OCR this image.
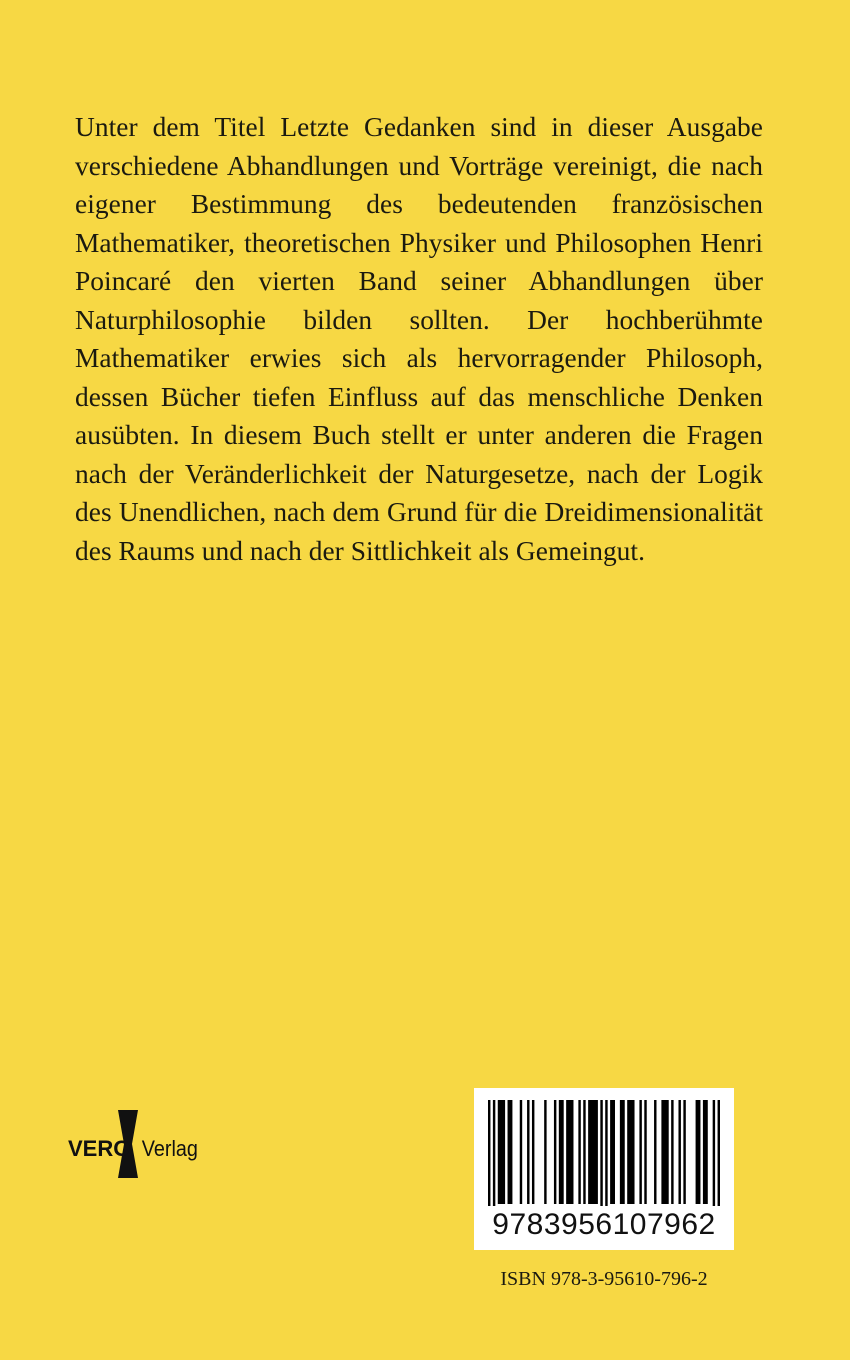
Unter dem Titel Letzte Gedanken sind in dieser Ausgabe verschiedene Abhandlungen und Vorträge vereinigt, die nach eigener Bestimmung des bedeutenden französischen Mathematiker, theoretischen Physiker und Philosophen Henri Poincaré den vierten Band seiner Abhandlungen über Naturphilosophie bilden sollten. Der hochberühmte Mathematiker erwies sich als hervorragender Philosoph, dessen Bücher tiefen Einfluss auf das menschliche Denken ausübten. In diesem Buch stellt er unter anderen die Fragen nach der Veränderlichkeit der Naturgesetze, nach der Logik des Unendlichen, nach dem Grund für die Dreidimensionalität des Raums und nach der Sittlichkeit als Gemeingut.

VERO Verlag
9783956107962
ISBN 978-3-95610-796-2
